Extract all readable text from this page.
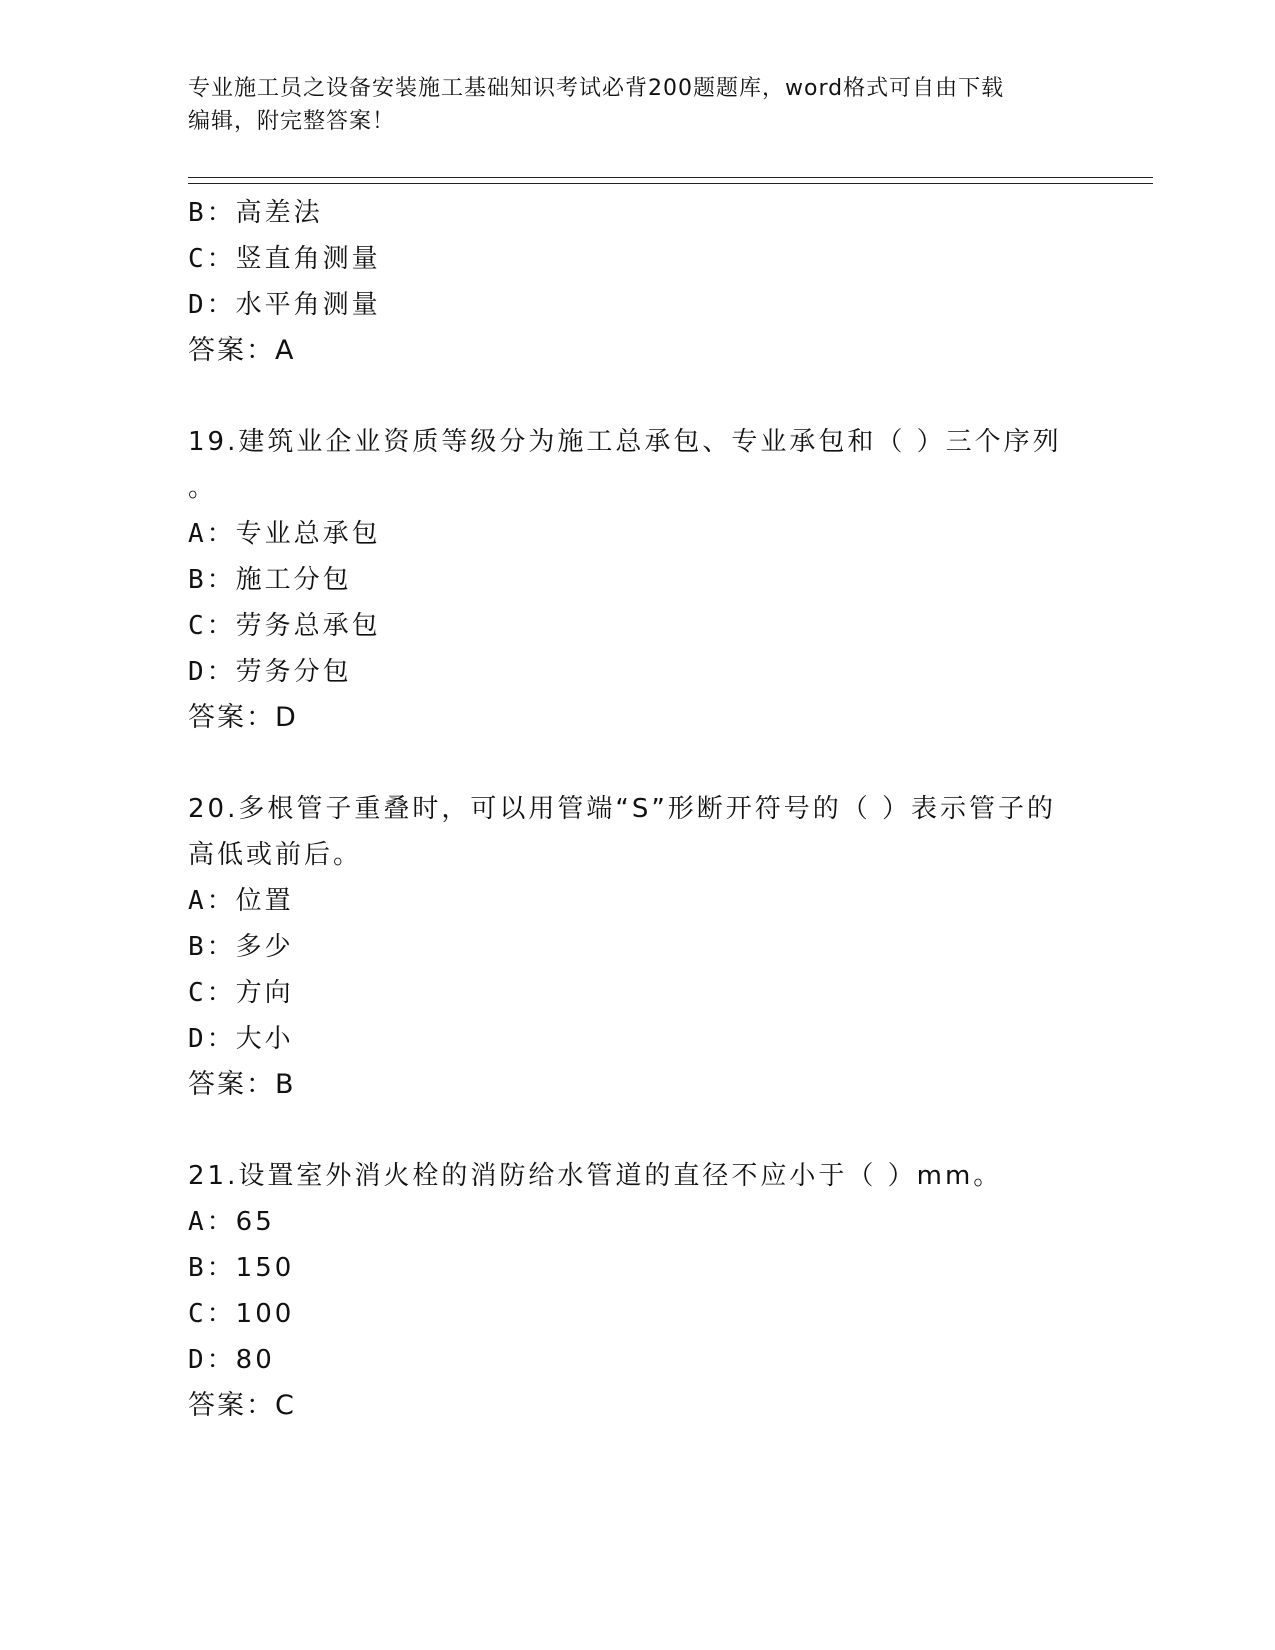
专业施工员之设备安装施工基础知识考试必背200题题库，word格式可自由下载
编辑，附完整答案！
B：高差法
C：竖直角测量
D：水平角测量
答案：A
19.建筑业企业资质等级分为施工总承包、专业承包和（ ）三个序列
。
A：专业总承包
B：施工分包
C：劳务总承包
D：劳务分包
答案：D
20.多根管子重叠时，可以用管端“S”形断开符号的（ ）表示管子的
高低或前后。
A：位置
B：多少
C：方向
D：大小
答案：B
21.设置室外消火栓的消防给水管道的直径不应小于（ ）mm。
A：65
B：150
C：100
D：80
答案：C
